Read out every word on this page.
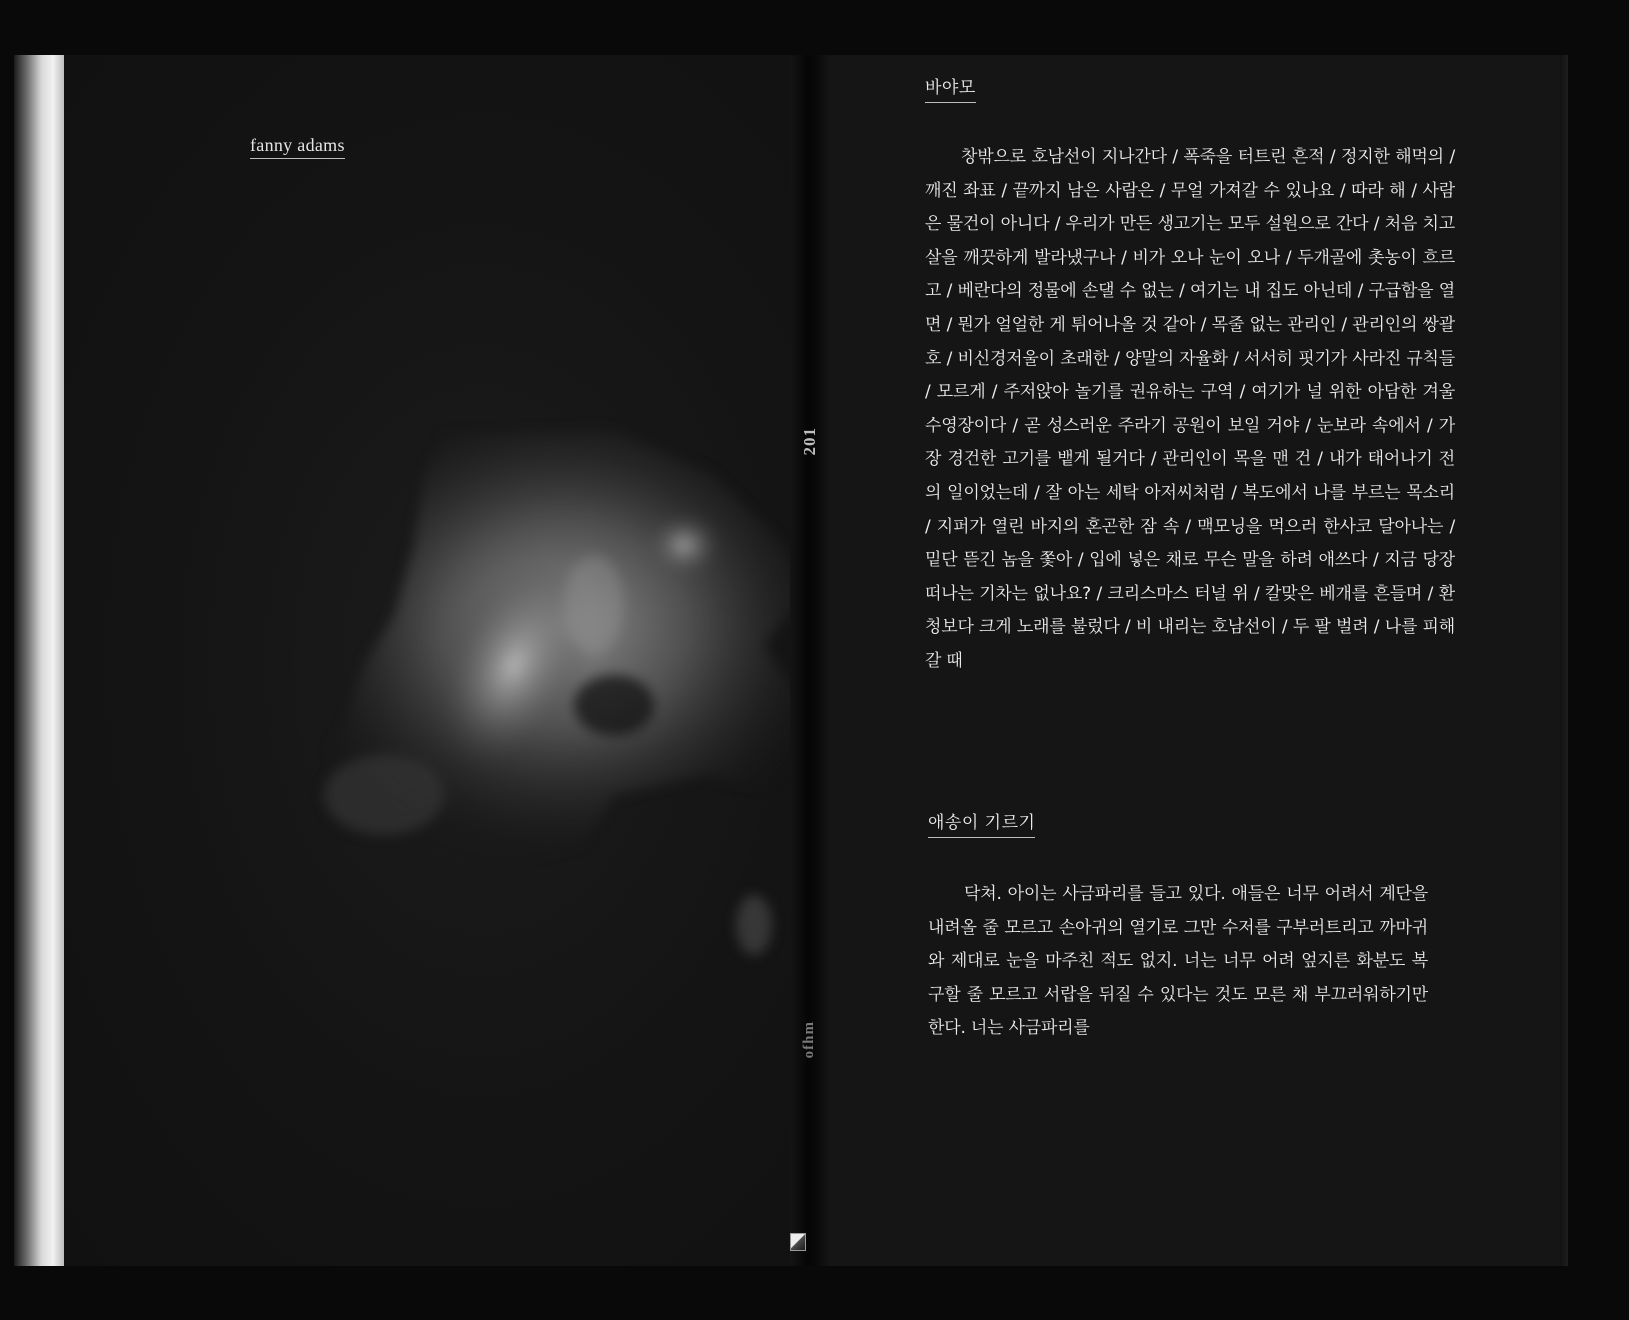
fanny adams

201
ofhm
바야모

창밖으로 호남선이 지나간다 / 폭죽을 터트린 흔적 / 정지한 해먹의 / 깨진 좌표 / 끝까지 남은 사람은 / 무얼 가져갈 수 있나요 / 따라 해 / 사람은 물건이 아니다 / 우리가 만든 생고기는 모두 설원으로 간다 / 처음 치고 살을 깨끗하게 발라냈구나 / 비가 오나 눈이 오나 / 두개골에 촛농이 흐르고 / 베란다의 정물에 손댈 수 없는 / 여기는 내 집도 아닌데 / 구급함을 열면 / 뭔가 얼얼한 게 튀어나올 것 같아 / 목줄 없는 관리인 / 관리인의 쌍괄호 / 비신경저울이 초래한 / 양말의 자율화 / 서서히 핏기가 사라진 규칙들 / 모르게 / 주저앉아 놀기를 권유하는 구역 / 여기가 널 위한 아담한 겨울 수영장이다 / 곧 성스러운 주라기 공원이 보일 거야 / 눈보라 속에서 / 가장 경건한 고기를 뱉게 될거다 / 관리인이 목을 맨 건 / 내가 태어나기 전의 일이었는데 / 잘 아는 세탁 아저씨처럼 / 복도에서 나를 부르는 목소리 / 지퍼가 열린 바지의 혼곤한 잠 속 / 맥모닝을 먹으러 한사코 달아나는 / 밑단 뜯긴 놈을 쫓아 / 입에 넣은 채로 무슨 말을 하려 애쓰다 / 지금 당장 떠나는 기차는 없나요? / 크리스마스 터널 위 / 칼맞은 베개를 흔들며 / 환청보다 크게 노래를 불렀다 / 비 내리는 호남선이 / 두 팔 벌려 / 나를 피해갈 때

애송이 기르기

닥쳐. 아이는 사금파리를 들고 있다. 애들은 너무 어려서 계단을 내려올 줄 모르고 손아귀의 열기로 그만 수저를 구부러트리고 까마귀와 제대로 눈을 마주친 적도 없지. 너는 너무 어려 엎지른 화분도 복구할 줄 모르고 서랍을 뒤질 수 있다는 것도 모른 채 부끄러워하기만 한다. 너는 사금파리를
